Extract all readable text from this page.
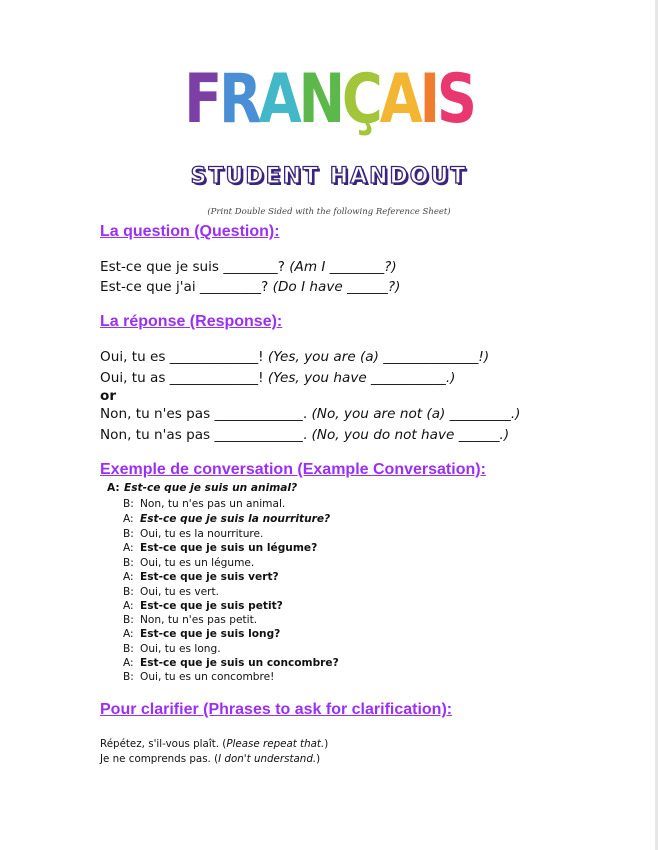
FRANÇAIS
STUDENT HANDOUT
(Print Double Sided with the following Reference Sheet)
La question (Question):
Est-ce que je suis ________? (Am I ________?)
Est-ce que j'ai _________? (Do I have ______?)
La réponse (Response):
Oui, tu es _____________! (Yes, you are (a) ______________!)
Oui, tu as _____________! (Yes, you have ___________.)
or
Non, tu n'es pas _____________. (No, you are not (a) _________.)
Non, tu n'as pas _____________. (No, you do not have ______.)
Exemple de conversation (Example Conversation):
A: Est-ce que je suis un animal?
B: Non, tu n'es pas un animal.
A: Est-ce que je suis la nourriture?
B: Oui, tu es la nourriture.
A: Est-ce que je suis un légume?
B: Oui, tu es un légume.
A: Est-ce que je suis vert?
B: Oui, tu es vert.
A: Est-ce que je suis petit?
B: Non, tu n'es pas petit.
A: Est-ce que je suis long?
B: Oui, tu es long.
A: Est-ce que je suis un concombre?
B: Oui, tu es un concombre!
Pour clarifier (Phrases to ask for clarification):
Répétez, s'il-vous plaît. (Please repeat that.)
Je ne comprends pas. (I don't understand.)
